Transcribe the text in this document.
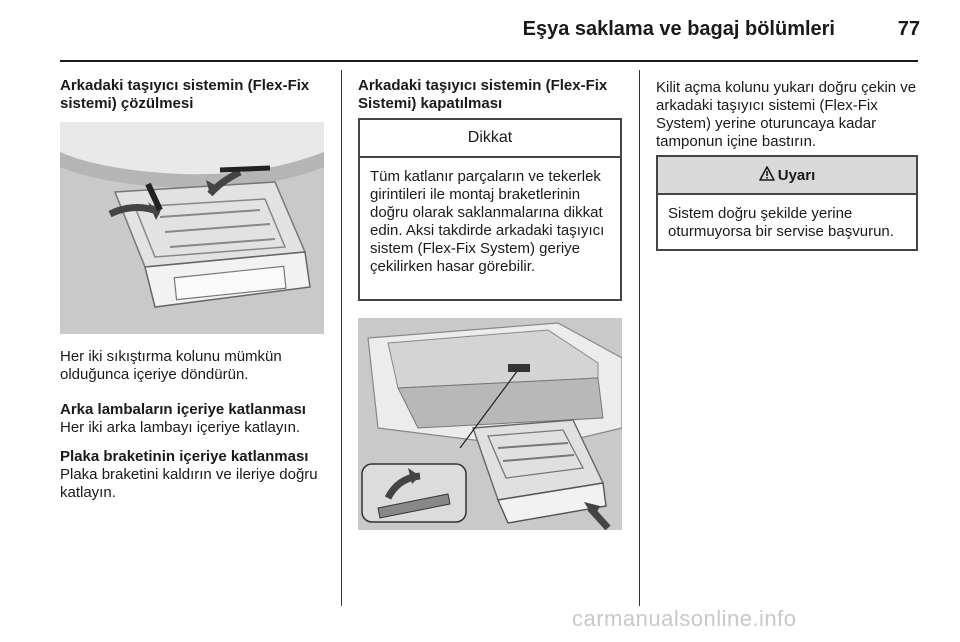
Eşya saklama ve bagaj bölümleri	77
Arkadaki taşıyıcı sistemin (Flex-Fix sistemi) çözülmesi
Her iki sıkıştırma kolunu mümkün olduğunca içeriye döndürün.
Arka lambaların içeriye katlanması
Her iki arka lambayı içeriye katlayın.
Plaka braketinin içeriye katlanması
Plaka braketini kaldırın ve ileriye doğru katlayın.
Arkadaki taşıyıcı sistemin (Flex-Fix Sistemi) kapatılması
Dikkat
Tüm katlanır parçaların ve tekerlek girintileri ile montaj braketlerinin doğru olarak saklanmalarına dikkat edin. Aksi takdirde arkadaki taşıyıcı sistem (Flex-Fix System) geriye çekilirken hasar görebilir.
Kilit açma kolunu yukarı doğru çekin ve arkadaki taşıyıcı sistemi (Flex-Fix System) yerine oturuncaya kadar tamponun içine bastırın.
Uyarı
Sistem doğru şekilde yerine oturmuyorsa bir servise başvurun.
carmanualsonline.info
